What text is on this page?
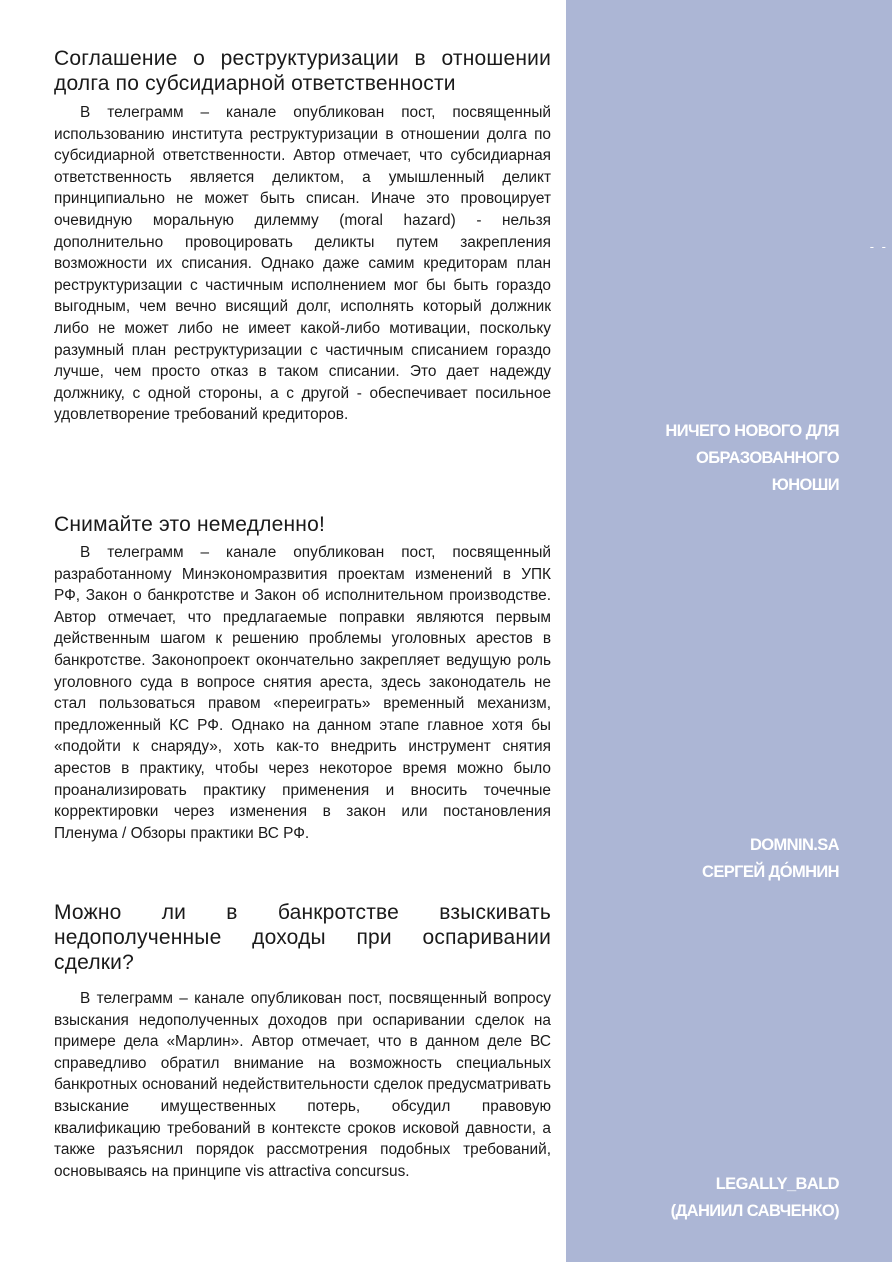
Соглашение о реструктуризации в отношении долга по субсидиарной ответственности

В телеграмм – канале опубликован пост, посвященный использованию института реструктуризации в отношении долга по субсидиарной ответственности. Автор отмечает, что субсидиарная ответственность является деликтом, а умышленный деликт принципиально не может быть списан. Иначе это провоцирует очевидную моральную дилемму (moral hazard) - нельзя дополнительно провоцировать деликты путем закрепления возможности их списания. Однако даже самим кредиторам план реструктуризации с частичным исполнением мог бы быть гораздо выгодным, чем вечно висящий долг, исполнять который должник либо не может либо не имеет какой-либо мотивации, поскольку разумный план реструктуризации с частичным списанием гораздо лучше, чем просто отказ в таком списании. Это дает надежду должнику, с одной стороны, а с другой - обеспечивает посильное удовлетворение требований кредиторов.

Снимайте это немедленно!

В телеграмм – канале опубликован пост, посвященный разработанному Минэкономразвития проектам изменений в УПК РФ, Закон о банкротстве и Закон об исполнительном производстве. Автор отмечает, что предлагаемые поправки являются первым действенным шагом к решению проблемы уголовных арестов в банкротстве. Законопроект окончательно закрепляет ведущую роль уголовного суда в вопросе снятия ареста, здесь законодатель не стал пользоваться правом «переиграть» временный механизм, предложенный КС РФ. Однако на данном этапе главное хотя бы «подойти к снаряду», хоть как-то внедрить инструмент снятия арестов в практику, чтобы через некоторое время можно было проанализировать практику применения и вносить точечные корректировки через изменения в закон или постановления Пленума / Обзоры практики ВС РФ.

Можно ли в банкротстве взыскивать недополученные доходы при оспаривании сделки?

В телеграмм – канале опубликован пост, посвященный вопросу взыскания недополученных доходов при оспаривании сделок на примере дела «Марлин». Автор отмечает, что в данном деле ВС справедливо обратил внимание на возможность специальных банкротных оснований недействительности сделок предусматривать взыскание имущественных потерь, обсудил правовую квалификацию требований в контексте сроков исковой давности, а также разъяснил порядок рассмотрения подобных требований, основываясь на принципе vis attractiva concursus.

- -
НИЧЕГО НОВОГО ДЛЯ
ОБРАЗОВАННОГО
ЮНОШИ
DOMNIN.SA
СЕРГЕЙ ДО́МНИН
LEGALLY_BALD
(ДАНИИЛ САВЧЕНКО)
